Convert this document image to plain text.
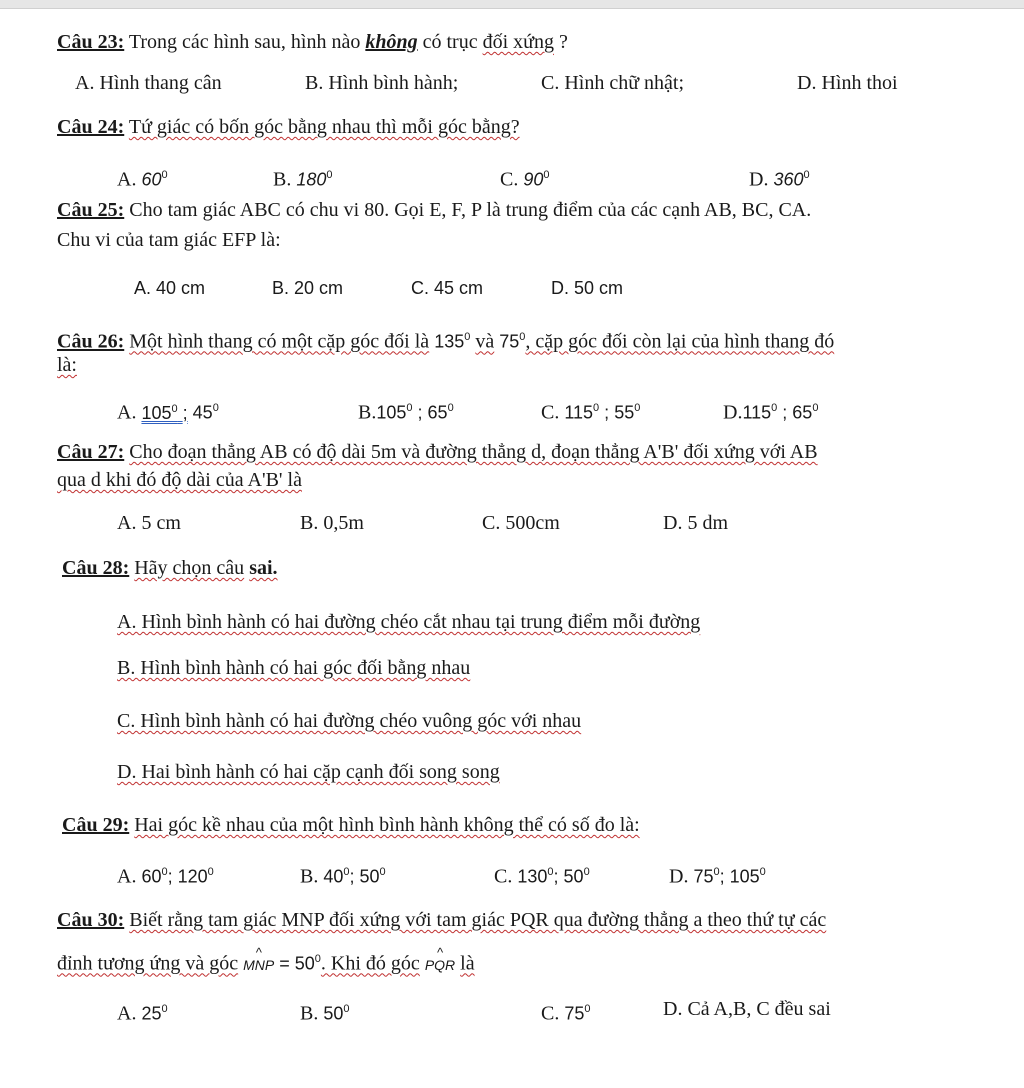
Câu 23: Trong các hình sau, hình nào không có trục đối xứng ?
A. Hình thang cân	B. Hình bình hành;	C. Hình chữ nhật;	D. Hình thoi
Câu 24: Tứ giác có bốn góc bằng nhau thì mỗi góc bằng?
A. $60^0$	B. $180^0$	C. $90^0$	D. $360^0$
Câu 25: Cho tam giác ABC có chu vi 80. Gọi E, F, P là trung điểm của các cạnh AB, BC, CA.
Chu vi của tam giác EFP là:
A. 40 cm	B. 20 cm	C. 45 cm	D. 50 cm
Câu 26: Một hình thang có một cặp góc đối là $135^0$ và $75^0$, cặp góc đối còn lại của hình thang đó
là:
A. $105^0$ ; $45^0$	B.105$^0$ ; $65^0$	C. $115^0$ ; $55^0$	D.115$^0$ ; $65^0$
Câu 27: Cho đoạn thẳng AB có độ dài 5m và đường thẳng d, đoạn thẳng A'B' đối xứng với AB
qua d khi đó độ dài của A'B' là
A. 5 cm	B. 0,5m	C. 500cm	D. 5 dm
Câu 28: Hãy chọn câu sai.
A. Hình bình hành có hai đường chéo cắt nhau tại trung điểm mỗi đường
B. Hình bình hành có hai góc đối bằng nhau
C. Hình bình hành có hai đường chéo vuông góc với nhau
D. Hai bình hành có hai cặp cạnh đối song song
Câu 29: Hai góc kề nhau của một hình bình hành không thể có số đo là:
A. $60^0$; $120^0$	B. $40^0$; $50^0$	C. $130^0$; $50^0$	D. $75^0$; $105^0$
Câu 30: Biết rằng tam giác MNP đối xứng với tam giác PQR qua đường thẳng a theo thứ tự các
đỉnh tương ứng và góc ^ MNP = $50^0$. Khi đó góc ^ PQR là
A. $25^0$	B. $50^0$	C. $75^0$	D. Cả A,B, C đều sai
